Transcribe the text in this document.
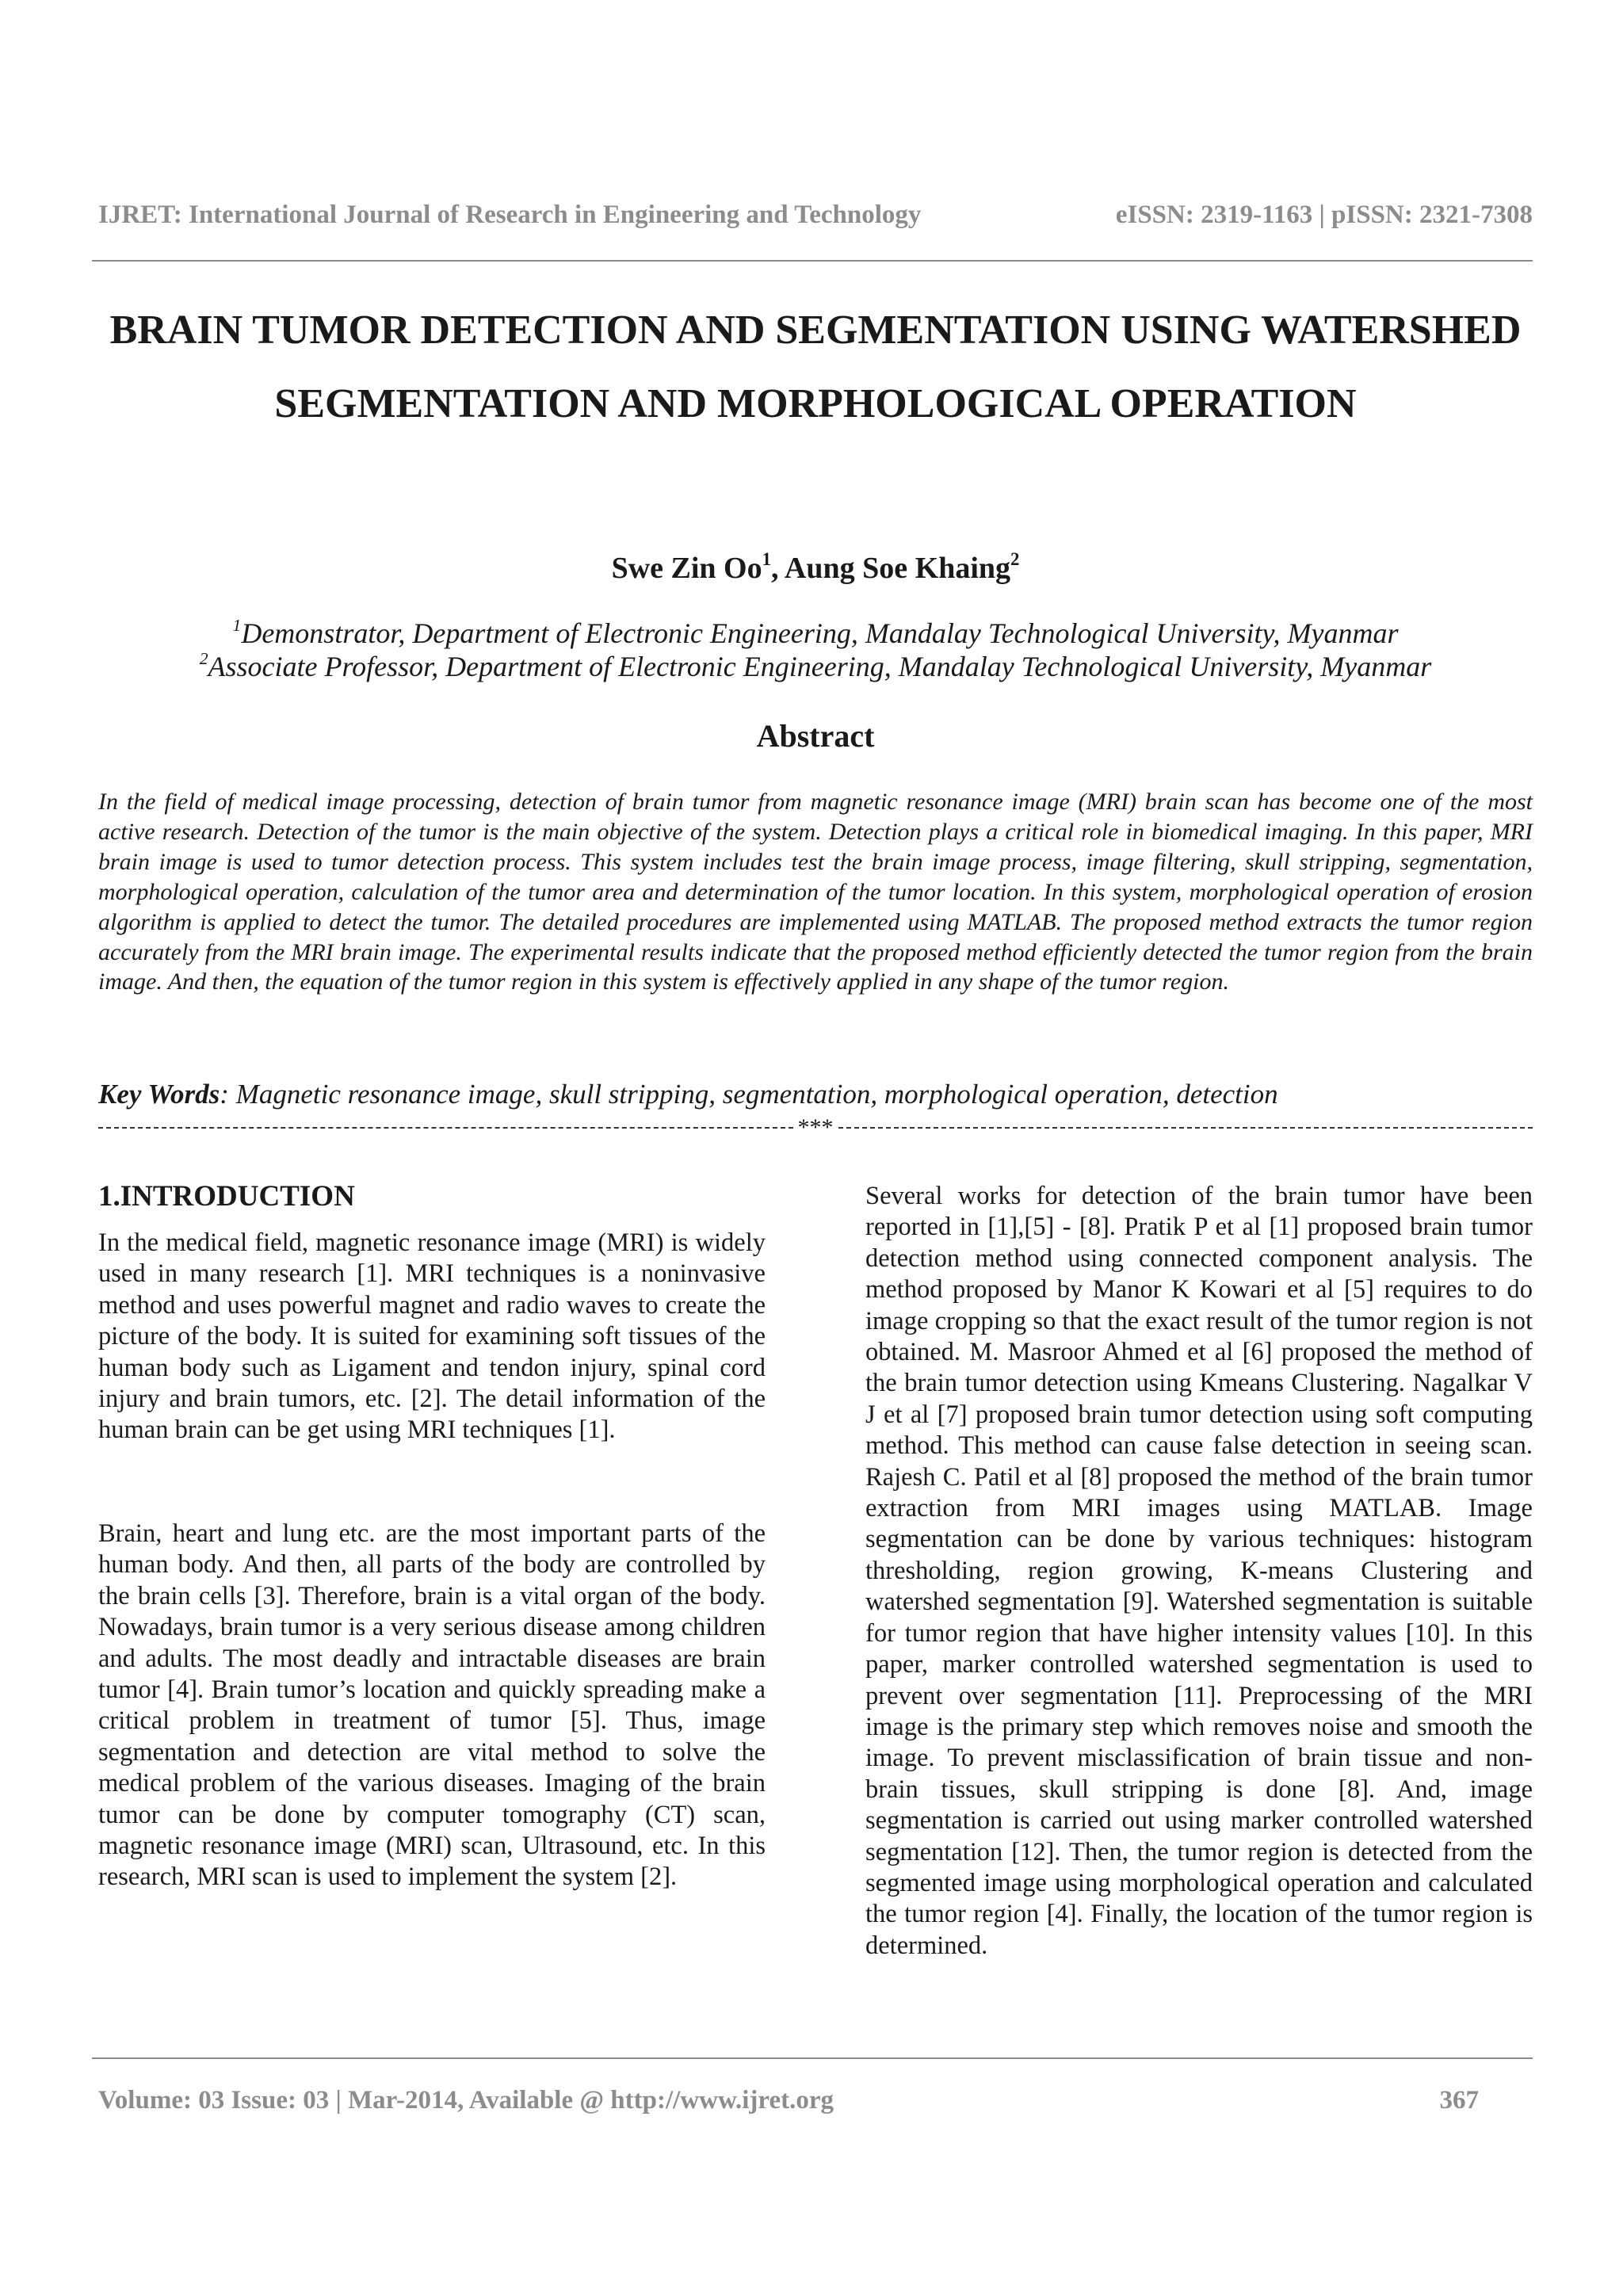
IJRET: International Journal of Research in Engineering and Technology	eISSN: 2319-1163 | pISSN: 2321-7308
BRAIN TUMOR DETECTION AND SEGMENTATION USING WATERSHED SEGMENTATION AND MORPHOLOGICAL OPERATION
Swe Zin Oo$^1$, Aung Soe Khaing$^2$
$^1$Demonstrator, Department of Electronic Engineering, Mandalay Technological University, Myanmar
$^2$Associate Professor, Department of Electronic Engineering, Mandalay Technological University, Myanmar
Abstract

In the field of medical image processing, detection of brain tumor from magnetic resonance image (MRI) brain scan has become one of the most active research. Detection of the tumor is the main objective of the system. Detection plays a critical role in biomedical imaging. In this paper, MRI brain image is used to tumor detection process. This system includes test the brain image process, image filtering, skull stripping, segmentation, morphological operation, calculation of the tumor area and determination of the tumor location. In this system, morphological operation of erosion algorithm is applied to detect the tumor. The detailed procedures are implemented using MATLAB. The proposed method extracts the tumor region accurately from the MRI brain image. The experimental results indicate that the proposed method efficiently detected the tumor region from the brain image. And then, the equation of the tumor region in this system is effectively applied in any shape of the tumor region.

Key Words: Magnetic resonance image, skull stripping, segmentation, morphological operation, detection
***
1.INTRODUCTION

In the medical field, magnetic resonance image (MRI) is widely used in many research [1]. MRI techniques is a noninvasive method and uses powerful magnet and radio waves to create the picture of the body. It is suited for examining soft tissues of the human body such as Ligament and tendon injury, spinal cord injury and brain tumors, etc. [2]. The detail information of the human brain can be get using MRI techniques [1].

Brain, heart and lung etc. are the most important parts of the human body. And then, all parts of the body are controlled by the brain cells [3]. Therefore, brain is a vital organ of the body. Nowadays, brain tumor is a very serious disease among children and adults. The most deadly and intractable diseases are brain tumor [4]. Brain tumor’s location and quickly spreading make a critical problem in treatment of tumor [5]. Thus, image segmentation and detection are vital method to solve the medical problem of the various diseases. Imaging of the brain tumor can be done by computer tomography (CT) scan, magnetic resonance image (MRI) scan, Ultrasound, etc. In this research, MRI scan is used to implement the system [2].

Several works for detection of the brain tumor have been reported in [1],[5] - [8]. Pratik P et al [1] proposed brain tumor detection method using connected component analysis. The method proposed by Manor K Kowari et al [5] requires to do image cropping so that the exact result of the tumor region is not obtained. M. Masroor Ahmed et al [6] proposed the method of the brain tumor detection using Kmeans Clustering. Nagalkar V J et al [7] proposed brain tumor detection using soft computing method. This method can cause false detection in seeing scan. Rajesh C. Patil et al [8] proposed the method of the brain tumor extraction from MRI images using MATLAB. Image segmentation can be done by various techniques: histogram thresholding, region growing, K-means Clustering and watershed segmentation [9]. Watershed segmentation is suitable for tumor region that have higher intensity values [10]. In this paper, marker controlled watershed segmentation is used to prevent over segmentation [11]. Preprocessing of the MRI image is the primary step which removes noise and smooth the image. To prevent misclassification of brain tissue and non-brain tissues, skull stripping is done [8]. And, image segmentation is carried out using marker controlled watershed segmentation [12]. Then, the tumor region is detected from the segmented image using morphological operation and calculated the tumor region [4]. Finally, the location of the tumor region is determined.

Volume: 03 Issue: 03 | Mar-2014, Available @ http://www.ijret.org	367
